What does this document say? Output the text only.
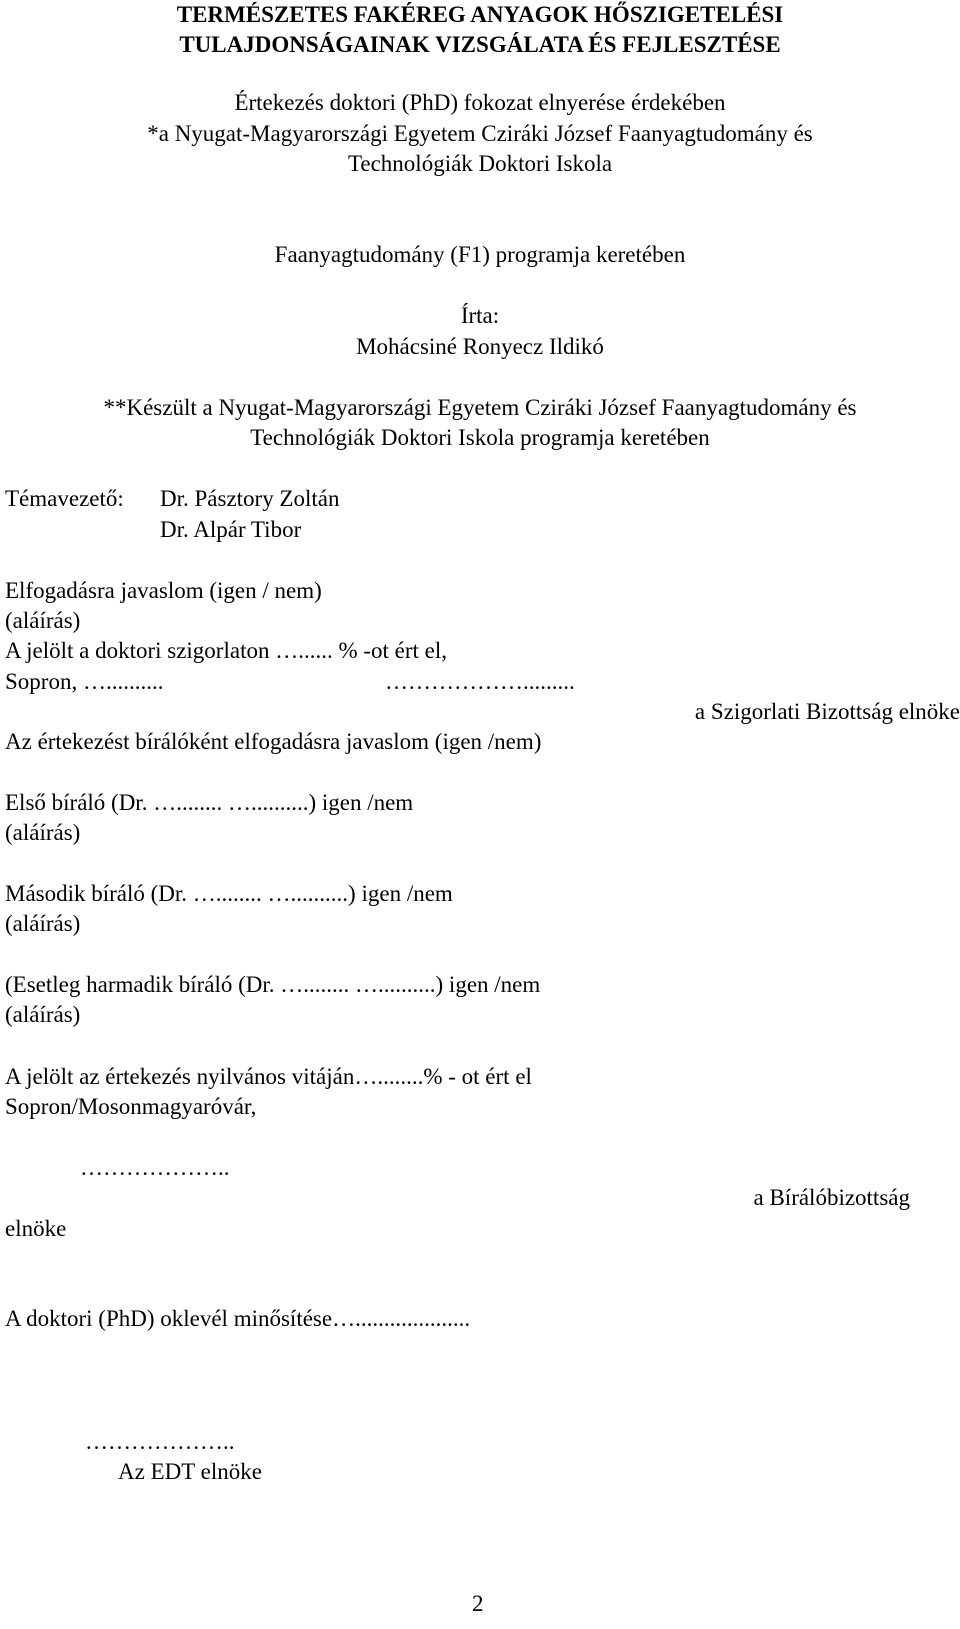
TERMÉSZETES FAKÉREG ANYAGOK HŐSZIGETELÉSI
TULAJDONSÁGAINAK VIZSGÁLATA ÉS FEJLESZTÉSE
Értekezés doktori (PhD) fokozat elnyerése érdekében
*a Nyugat-Magyarországi Egyetem Cziráki József Faanyagtudomány és
Technológiák Doktori Iskola
Faanyagtudomány (F1) programja keretében
Írta:
Mohácsiné Ronyecz Ildikó
**Készült a Nyugat-Magyarországi Egyetem Cziráki József Faanyagtudomány és
Technológiák Doktori Iskola programja keretében
Témavezető: Dr. Pásztory Zoltán
Dr. Alpár Tibor
Elfogadásra javaslom (igen / nem)
(aláírás)
A jelölt a doktori szigorlaton …...... % -ot ért el,
Sopron, …..........	……………….........
a Szigorlati Bizottság elnöke
Az értekezést bírálóként elfogadásra javaslom (igen /nem)
Első bíráló (Dr. …........ …..........) igen /nem
(aláírás)
Második bíráló (Dr. …........ …..........) igen /nem
(aláírás)
(Esetleg harmadik bíráló (Dr. …........ …..........) igen /nem
(aláírás)
A jelölt az értekezés nyilvános vitáján…........% - ot ért el
Sopron/Mosonmagyaróvár,
………………..
a Bírálóbizottság
elnöke
A doktori (PhD) oklevél minősítése…....................
………………..
Az EDT elnöke
2
